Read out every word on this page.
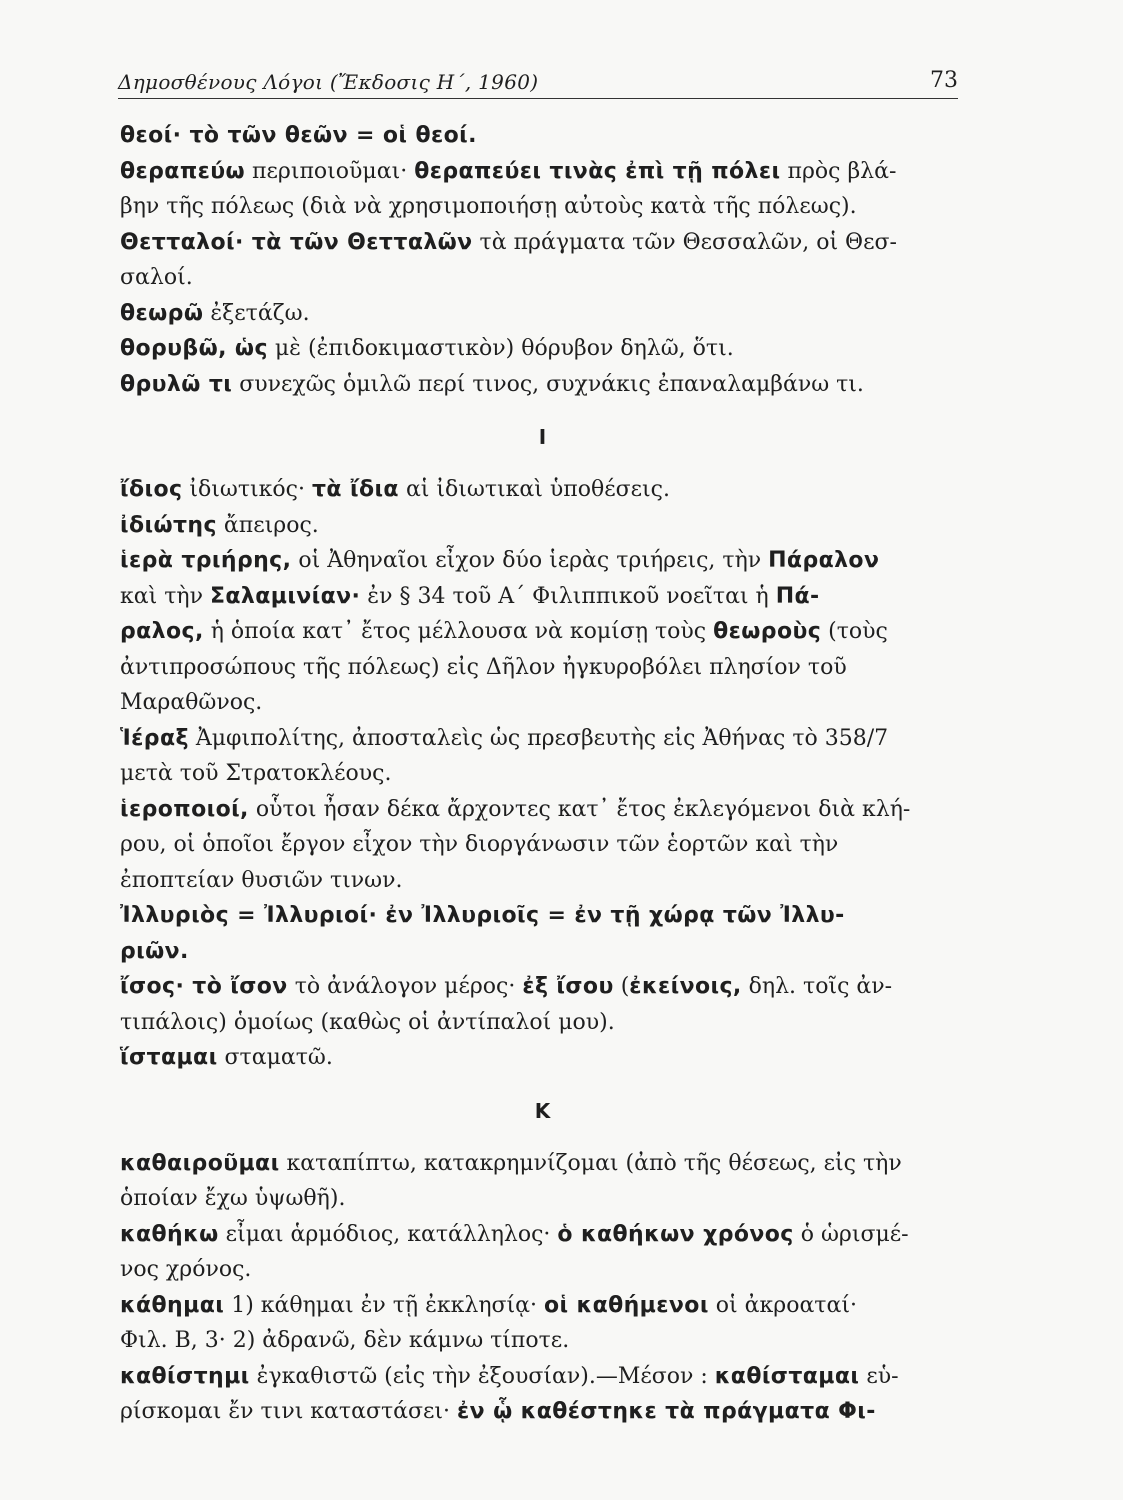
Δημοσθένους Λόγοι (Ἔκδοσις Η΄, 1960)	73

θεοί· τὸ τῶν θεῶν = οἱ θεοί.

θεραπεύω περιποιοῦμαι· θεραπεύει τινὰς ἐπὶ τῇ πόλει πρὸς βλά-
βην τῆς πόλεως (διὰ νὰ χρησιμοποιήσῃ αὐτοὺς κατὰ τῆς πόλεως).

Θετταλοί· τὰ τῶν Θετταλῶν τὰ πράγματα τῶν Θεσσαλῶν, οἱ Θεσ-
σαλοί.

θεωρῶ ἐξετάζω.

θορυβῶ, ὡς μὲ (ἐπιδοκιμαστικὸν) θόρυβον δηλῶ, ὅτι.

θρυλῶ τι συνεχῶς ὁμιλῶ περί τινος, συχνάκις ἐπαναλαμβάνω τι.

Ι

ἴδιος ἰδιωτικός· τὰ ἴδια αἱ ἰδιωτικαὶ ὑποθέσεις.

ἰδιώτης ἄπειρος.

ἱερὰ τριήρης, οἱ Ἀθηναῖοι εἶχον δύο ἱερὰς τριήρεις, τὴν Πάραλον
καὶ τὴν Σαλαμινίαν· ἐν § 34 τοῦ Α΄ Φιλιππικοῦ νοεῖται ἡ Πά-
ραλος, ἡ ὁποία κατ᾽ ἔτος μέλλουσα νὰ κομίσῃ τοὺς θεωροὺς (τοὺς
ἀντιπροσώπους τῆς πόλεως) εἰς Δῆλον ἠγκυροβόλει πλησίον τοῦ
Μαραθῶνος.

Ἱέραξ Ἀμφιπολίτης, ἀποσταλεὶς ὡς πρεσβευτὴς εἰς Ἀθήνας τὸ 358/7
μετὰ τοῦ Στρατοκλέους.

ἱεροποιοί, οὗτοι ἦσαν δέκα ἄρχοντες κατ᾽ ἔτος ἐκλεγόμενοι διὰ κλή-
ρου, οἱ ὁποῖοι ἔργον εἶχον τὴν διοργάνωσιν τῶν ἑορτῶν καὶ τὴν
ἐποπτείαν θυσιῶν τινων.

Ἰλλυριὸς = Ἰλλυριοί· ἐν Ἰλλυριοῖς = ἐν τῇ χώρᾳ τῶν Ἰλλυ-
ριῶν.

ἴσος· τὸ ἴσον τὸ ἀνάλογον μέρος· ἐξ ἴσου (ἐκείνοις, δηλ. τοῖς ἀν-
τιπάλοις) ὁμοίως (καθὼς οἱ ἀντίπαλοί μου).

ἵσταμαι σταματῶ.

Κ

καθαιροῦμαι καταπίπτω, κατακρημνίζομαι (ἀπὸ τῆς θέσεως, εἰς τὴν
ὁποίαν ἔχω ὑψωθῆ).

καθήκω εἶμαι ἁρμόδιος, κατάλληλος· ὁ καθήκων χρόνος ὁ ὡρισμέ-
νος χρόνος.

κάθημαι 1) κάθημαι ἐν τῇ ἐκκλησίᾳ· οἱ καθήμενοι οἱ ἀκροαταί·
Φιλ. Β, 3· 2) ἀδρανῶ, δὲν κάμνω τίποτε.

καθίστημι ἐγκαθιστῶ (εἰς τὴν ἐξουσίαν).—Μέσον : καθίσταμαι εὑ-
ρίσκομαι ἔν τινι καταστάσει· ἐν ᾧ καθέστηκε τὰ πράγματα Φι-
